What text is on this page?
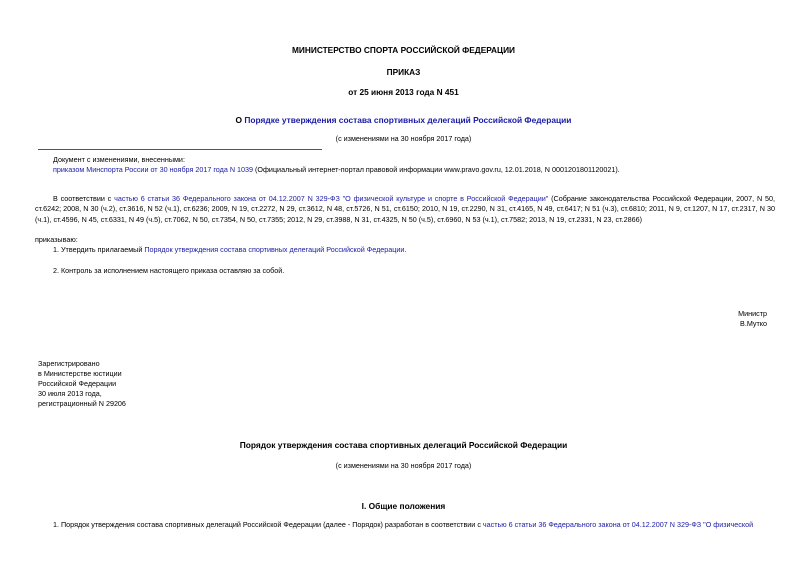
МИНИСТЕРСТВО СПОРТА РОССИЙСКОЙ ФЕДЕРАЦИИ
ПРИКАЗ
от 25 июня 2013 года N 451
О Порядке утверждения состава спортивных делегаций Российской Федерации
(с изменениями на 30 ноября 2017 года)
Документ с изменениями, внесенными:
приказом Минспорта России от 30 ноября 2017 года N 1039 (Официальный интернет-портал правовой информации www.pravo.gov.ru, 12.01.2018, N 0001201801120021).
В соответствии с частью 6 статьи 36 Федерального закона от 04.12.2007 N 329-ФЗ "О физической культуре и спорте в Российской Федерации" (Собрание законодательства Российской Федерации, 2007, N 50, ст.6242; 2008, N 30 (ч.2), ст.3616, N 52 (ч.1), ст.6236; 2009, N 19, ст.2272, N 29, ст.3612, N 48, ст.5726, N 51, ст.6150; 2010, N 19, ст.2290, N 31, ст.4165, N 49, ст.6417; N 51 (ч.3), ст.6810; 2011, N 9, ст.1207, N 17, ст.2317, N 30 (ч.1), ст.4596, N 45, ст.6331, N 49 (ч.5), ст.7062, N 50, ст.7354, N 50, ст.7355; 2012, N 29, ст.3988, N 31, ст.4325, N 50 (ч.5), ст.6960, N 53 (ч.1), ст.7582; 2013, N 19, ст.2331, N 23, ст.2866)
приказываю:
1. Утвердить прилагаемый Порядок утверждения состава спортивных делегаций Российской Федерации.
2. Контроль за исполнением настоящего приказа оставляю за собой.
Министр
В.Мутко
Зарегистрировано
в Министерстве юстиции
Российской Федерации
30 июля 2013 года,
регистрационный N 29206
Порядок утверждения состава спортивных делегаций Российской Федерации
(с изменениями на 30 ноября 2017 года)
I. Общие положения
1. Порядок утверждения состава спортивных делегаций Российской Федерации (далее - Порядок) разработан в соответствии с частью 6 статьи 36 Федерального закона от 04.12.2007 N 329-ФЗ "О физической
